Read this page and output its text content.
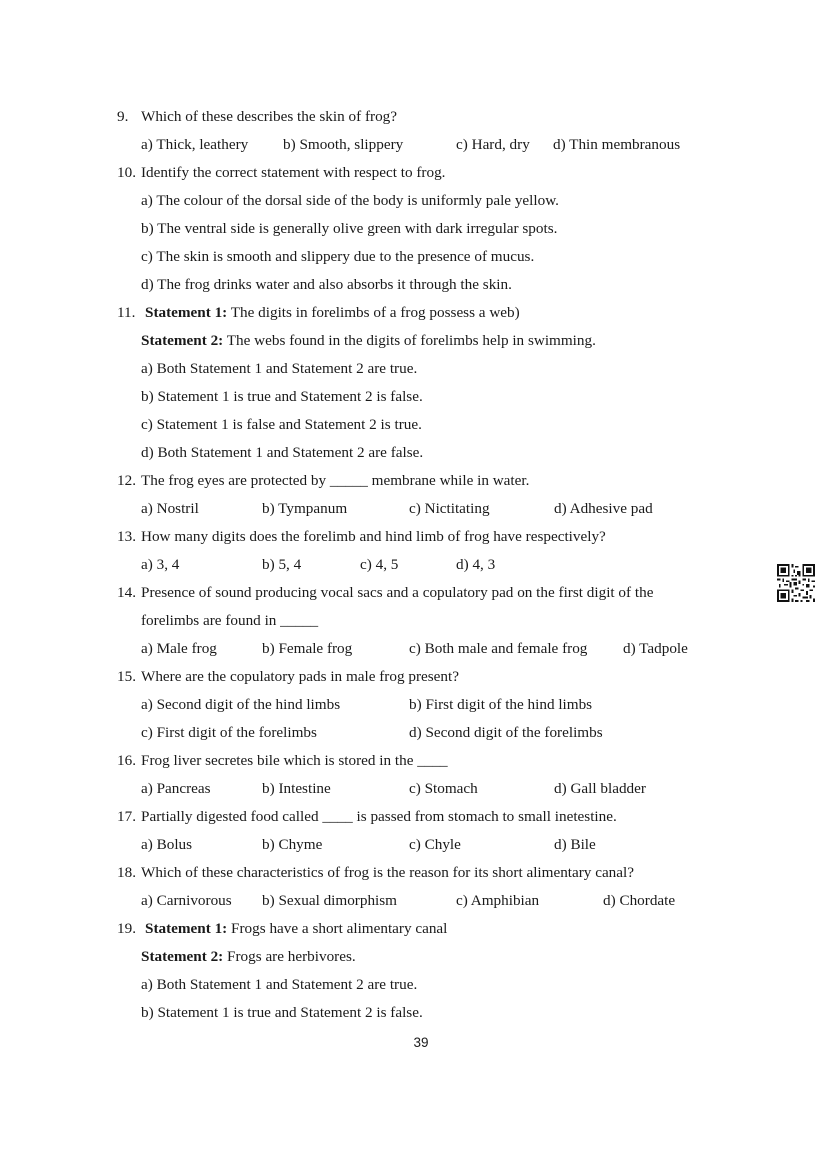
9. Which of these describes the skin of frog?
a) Thick, leathery b) Smooth, slippery	c) Hard, dry d) Thin membranous
10. Identify the correct statement with respect to frog.
a) The colour of the dorsal side of the body is uniformly pale yellow.
b) The ventral side is generally olive green with dark irregular spots.
c) The skin is smooth and slippery due to the presence of mucus.
d) The frog drinks water and also absorbs it through the skin.
11. Statement 1: The digits in forelimbs of a frog possess a web)
Statement 2: The webs found in the digits of forelimbs help in swimming.
a) Both Statement 1 and Statement 2 are true.
b) Statement 1 is true and Statement 2 is false.
c) Statement 1 is false and Statement 2 is true.
d) Both Statement 1 and Statement 2 are false.
12. The frog eyes are protected by _____ membrane while in water.
a) Nostril	b) Tympanum	c) Nictitating	d) Adhesive pad
13. How many digits does the forelimb and hind limb of frog have respectively?
a) 3, 4	b) 5, 4	c) 4, 5	d) 4, 3
14. Presence of sound producing vocal sacs and a copulatory pad on the first digit of the
forelimbs are found in _____
a) Male frog	b) Female frog	c) Both male and female frog d) Tadpole
15. Where are the copulatory pads in male frog present?
a) Second digit of the hind limbs	b) First digit of the hind limbs
c) First digit of the forelimbs	d) Second digit of the forelimbs
16. Frog liver secretes bile which is stored in the ____
a) Pancreas	b) Intestine	c) Stomach	d) Gall bladder
17. Partially digested food called ____ is passed from stomach to small inetestine.
a) Bolus	b) Chyme	c) Chyle	d) Bile
18. Which of these characteristics of frog is the reason for its short alimentary canal?
a) Carnivorous b) Sexual dimorphism	c) Amphibian	d) Chordate
19. Statement 1: Frogs have a short alimentary canal
Statement 2: Frogs are herbivores.
a) Both Statement 1 and Statement 2 are true.
b) Statement 1 is true and Statement 2 is false.
39
